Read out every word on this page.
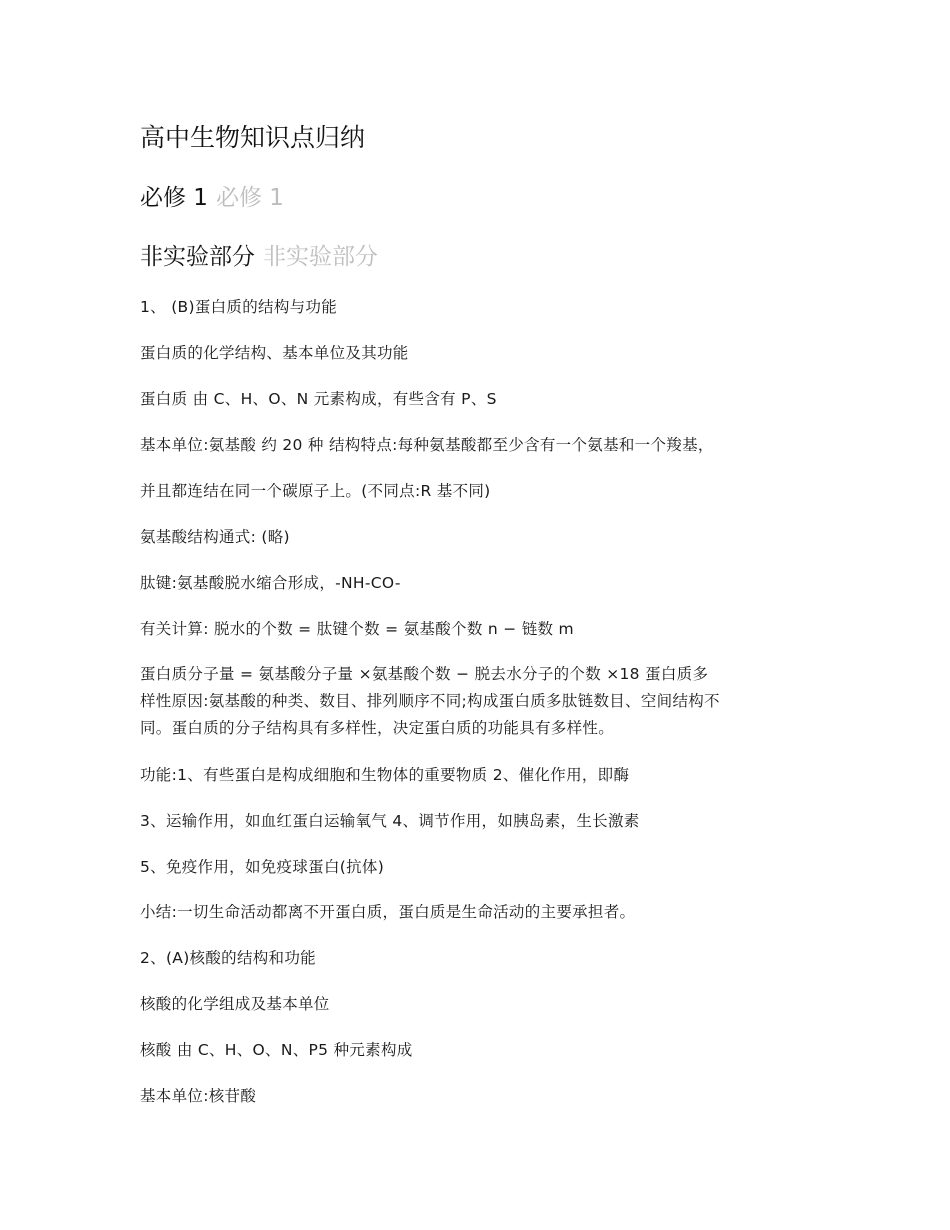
高中生物知识点归纳
必修 1 必修 1
非实验部分 非实验部分
1、 (B)蛋白质的结构与功能
蛋白质的化学结构、基本单位及其功能
蛋白质 由 C、H、O、N 元素构成，有些含有 P、S
基本单位:氨基酸 约 20 种 结构特点:每种氨基酸都至少含有一个氨基和一个羧基，
并且都连结在同一个碳原子上。(不同点:R 基不同)
氨基酸结构通式: (略)
肽键:氨基酸脱水缩合形成，-NH-CO-
有关计算: 脱水的个数 = 肽键个数 = 氨基酸个数 n − 链数 m
蛋白质分子量 = 氨基酸分子量 ×氨基酸个数 − 脱去水分子的个数 ×18 蛋白质多
样性原因:氨基酸的种类、数目、排列顺序不同;构成蛋白质多肽链数目、空间结构不
同。蛋白质的分子结构具有多样性，决定蛋白质的功能具有多样性。
功能:1、有些蛋白是构成细胞和生物体的重要物质 2、催化作用，即酶
3、运输作用，如血红蛋白运输氧气 4、调节作用，如胰岛素，生长激素
5、免疫作用，如免疫球蛋白(抗体)
小结:一切生命活动都离不开蛋白质，蛋白质是生命活动的主要承担者。
2、(A)核酸的结构和功能
核酸的化学组成及基本单位
核酸 由 C、H、O、N、P5 种元素构成
基本单位:核苷酸
